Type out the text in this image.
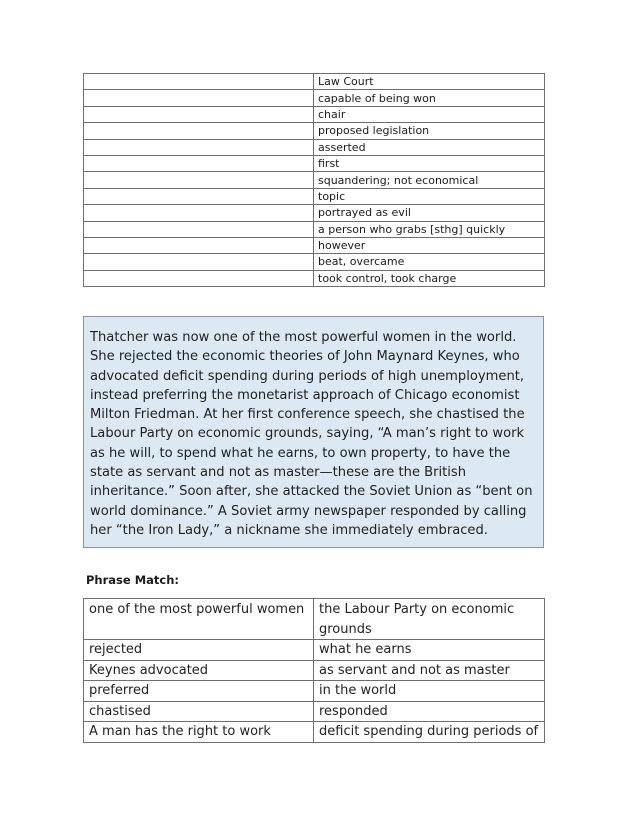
	Law Court
	capable of being won
	chair
	proposed legislation
	asserted
	first
	squandering; not economical
	topic
	portrayed as evil
	a person who grabs [sthg] quickly
	however
	beat, overcame
	took control, took charge

Thatcher was now one of the most powerful women in the world. She rejected the economic theories of John Maynard Keynes, who advocated deficit spending during periods of high unemployment, instead preferring the monetarist approach of Chicago economist Milton Friedman. At her first conference speech, she chastised the Labour Party on economic grounds, saying, “A man’s right to work as he will, to spend what he earns, to own property, to have the state as servant and not as master—these are the British inheritance.” Soon after, she attacked the Soviet Union as “bent on world dominance.” A Soviet army newspaper responded by calling her “the Iron Lady,” a nickname she immediately embraced.

Phrase Match:

one of the most powerful women	the Labour Party on economic grounds
rejected	what he earns
Keynes advocated	as servant and not as master
preferred	in the world
chastised	responded
A man has the right to work	deficit spending during periods of
